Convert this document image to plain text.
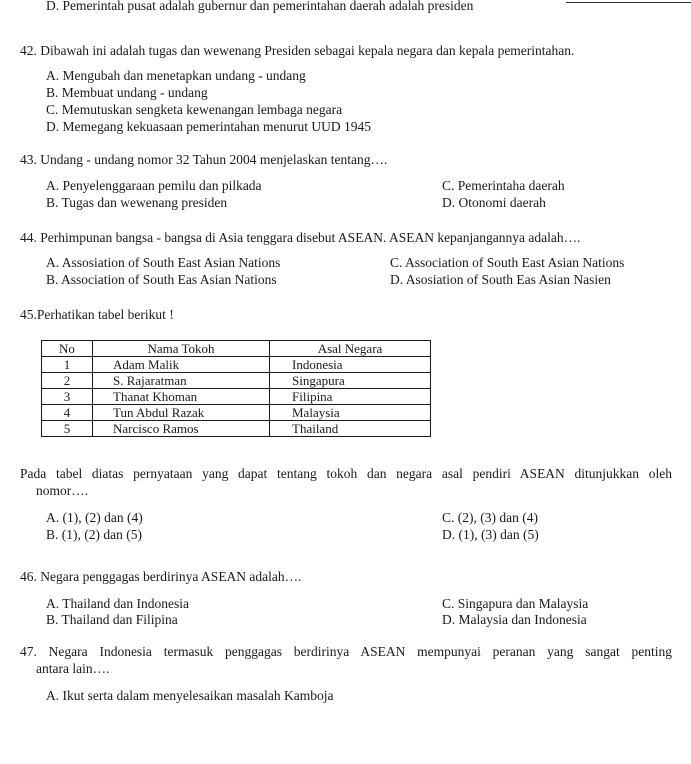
D. Pemerintah pusat adalah gubernur dan pemerintahan daerah adalah presiden
42. Dibawah ini adalah tugas dan wewenang Presiden sebagai kepala negara dan kepala pemerintahan.
A. Mengubah dan menetapkan undang - undang
B. Membuat undang - undang
C. Memutuskan sengketa kewenangan lembaga negara
D. Memegang kekuasaan pemerintahan menurut UUD 1945
43. Undang - undang nomor 32 Tahun 2004 menjelaskan tentang….
A. Penyelenggaraan pemilu dan pilkada
B. Tugas dan wewenang presiden
C. Pemerintaha daerah
D. Otonomi daerah
44. Perhimpunan bangsa - bangsa di Asia tenggara disebut ASEAN. ASEAN kepanjangannya adalah….
A. Assosiation of South East Asian Nations
B. Association of South Eas Asian Nations
C. Association of South East Asian Nations
D. Asosiation of South Eas Asian Nasien
45.Perhatikan tabel berikut !
No	Nama Tokoh	Asal Negara
1	Adam Malik	Indonesia
2	S. Rajaratman	Singapura
3	Thanat Khoman	Filipina
4	Tun Abdul Razak	Malaysia
5	Narcisco Ramos	Thailand
Pada tabel diatas pernyataan yang dapat tentang tokoh dan negara asal pendiri ASEAN ditunjukkan oleh
nomor….
A. (1), (2) dan (4)
B. (1), (2) dan (5)
C. (2), (3) dan (4)
D. (1), (3) dan (5)
46. Negara penggagas berdirinya ASEAN adalah….
A. Thailand dan Indonesia
B. Thailand dan Filipina
C. Singapura dan Malaysia
D. Malaysia dan Indonesia
47. Negara Indonesia termasuk penggagas berdirinya ASEAN mempunyai peranan yang sangat penting
antara lain….
A. Ikut serta dalam menyelesaikan masalah Kamboja
